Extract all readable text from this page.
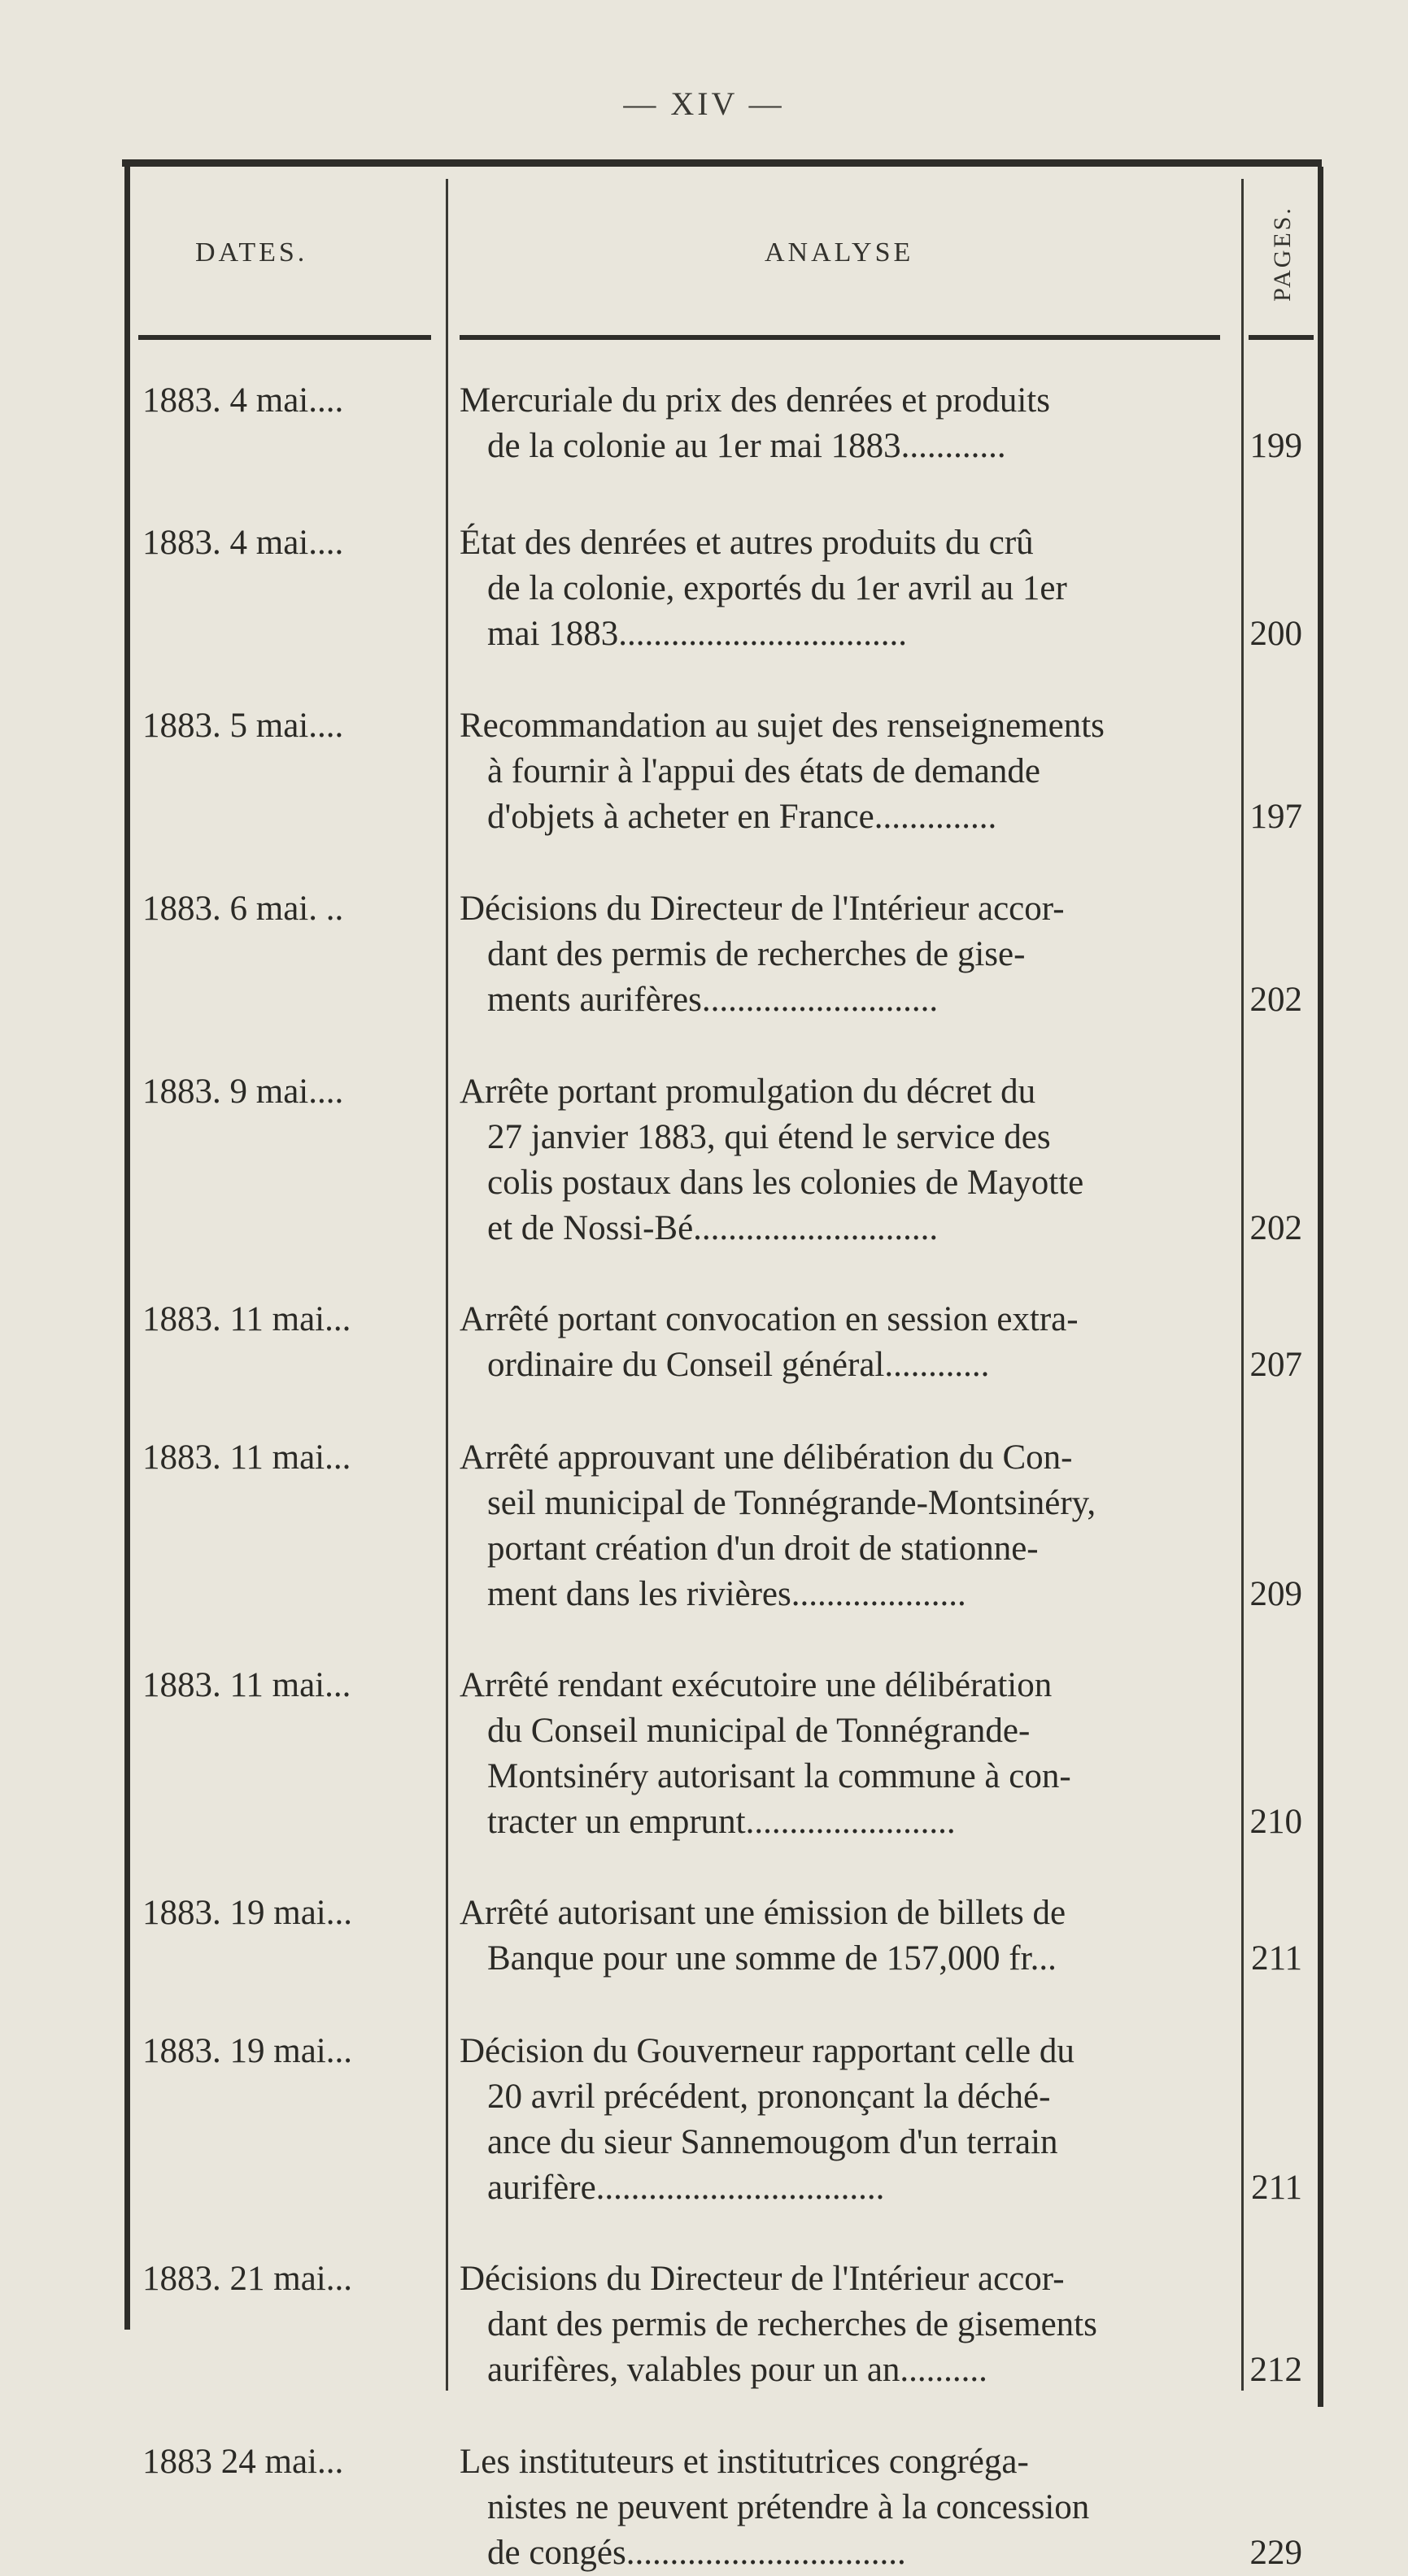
— XIV —
DATES.	ANALYSE	PAGES.
1883. 4 mai....	Mercuriale du prix des denrées et produits
de la colonie au 1er mai 1883............	199
1883. 4 mai....	État des denrées et autres produits du crû
de la colonie, exportés du 1er avril au 1er
mai 1883.................................	200
1883. 5 mai....	Recommandation au sujet des renseignements
à fournir à l'appui des états de demande
d'objets à acheter en France..............	197
1883. 6 mai. ..	Décisions du Directeur de l'Intérieur accor-
dant des permis de recherches de gise-
ments aurifères...........................	202
1883. 9 mai....	Arrête portant promulgation du décret du
27 janvier 1883, qui étend le service des
colis postaux dans les colonies de Mayotte
et de Nossi-Bé............................	202
1883. 11 mai...	Arrêté portant convocation en session extra-
ordinaire du Conseil général............	207
1883. 11 mai...	Arrêté approuvant une délibération du Con-
seil municipal de Tonnégrande-Montsinéry,
portant création d'un droit de stationne-
ment dans les rivières....................	209
1883. 11 mai...	Arrêté rendant exécutoire une délibération
du Conseil municipal de Tonnégrande-
Montsinéry autorisant la commune à con-
tracter un emprunt........................	210
1883. 19 mai...	Arrêté autorisant une émission de billets de
Banque pour une somme de 157,000 fr...	211
1883. 19 mai...	Décision du Gouverneur rapportant celle du
20 avril précédent, prononçant la déché-
ance du sieur Sannemougom d'un terrain
aurifère.................................	211
1883. 21 mai...	Décisions du Directeur de l'Intérieur accor-
dant des permis de recherches de gisements
aurifères, valables pour un an..........	212
1883 24 mai...	Les instituteurs et institutrices congréga-
nistes ne peuvent prétendre à la concession
de congés................................	229
